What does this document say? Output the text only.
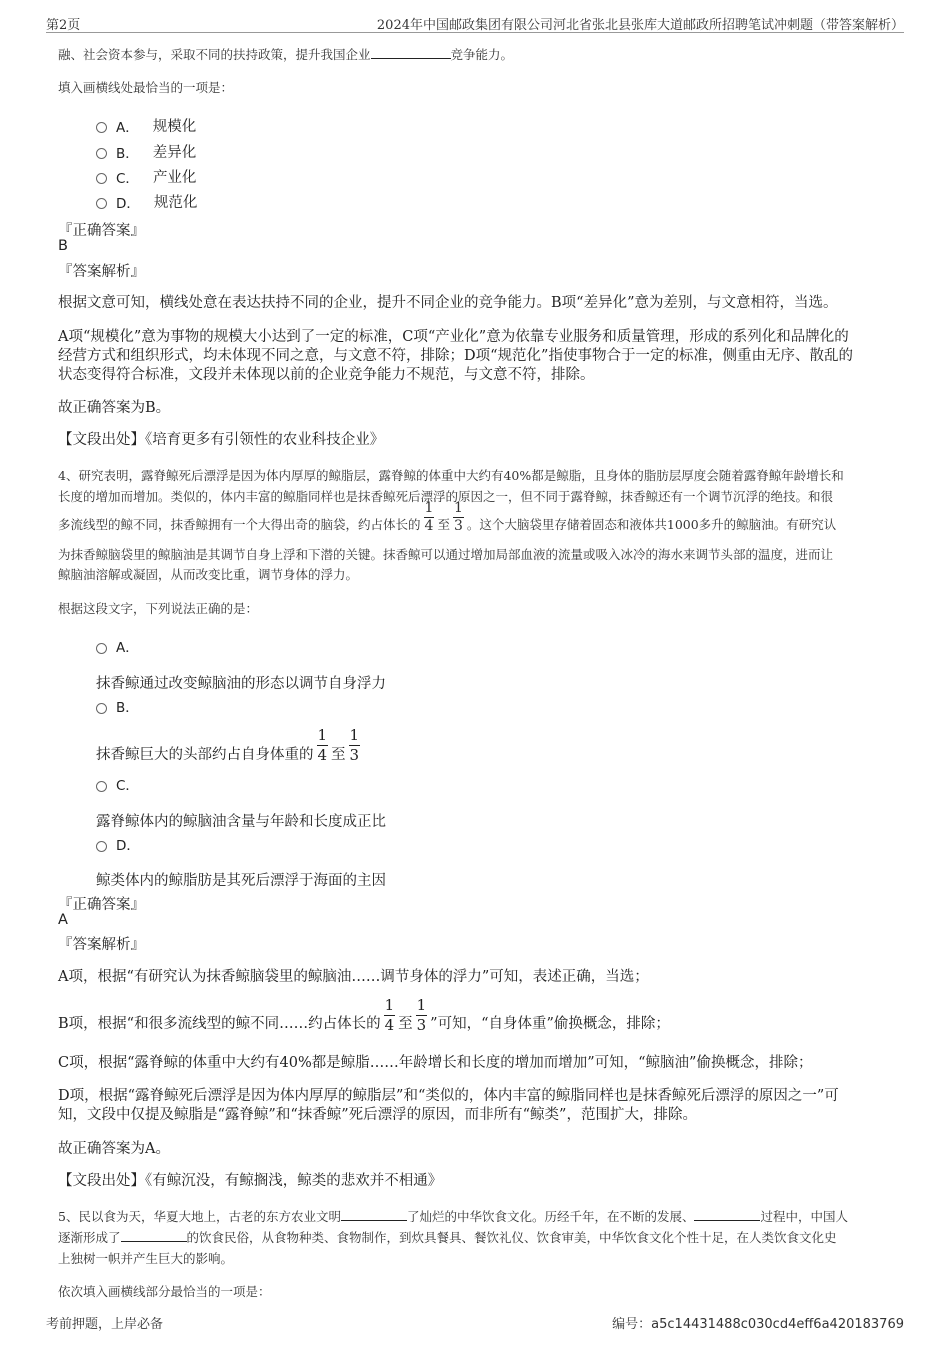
第2页	2024年中国邮政集团有限公司河北省张北县张库大道邮政所招聘笔试冲刺题（带答案解析）
融、社会资本参与，采取不同的扶持政策，提升我国企业	竞争能力。
填入画横线处最恰当的一项是：
A． 规模化
B． 差异化
C． 产业化
D． 规范化
『正确答案』
B
『答案解析』
根据文意可知，横线处意在表达扶持不同的企业，提升不同企业的竞争能力。B项“差异化”意为差别，与文意相符，当选。
A项“规模化”意为事物的规模大小达到了一定的标准，C项“产业化”意为依靠专业服务和质量管理，形成的系列化和品牌化的
经营方式和组织形式，均未体现不同之意，与文意不符，排除；D项“规范化”指使事物合于一定的标准，侧重由无序、散乱的
状态变得符合标准，文段并未体现以前的企业竞争能力不规范，与文意不符，排除。
故正确答案为B。
【文段出处】《培育更多有引领性的农业科技企业》
4、研究表明，露脊鲸死后漂浮是因为体内厚厚的鲸脂层，露脊鲸的体重中大约有40%都是鲸脂，且身体的脂肪层厚度会随着露脊鲸年龄增长和
长度的增加而增加。类似的，体内丰富的鲸脂同样也是抹香鲸死后漂浮的原因之一，但不同于露脊鲸，抹香鲸还有一个调节沉浮的绝技。和很
多流线型的鲸不同，抹香鲸拥有一个大得出奇的脑袋，约占体长的 $\frac{1}{4}$ 至 $\frac{1}{3}$ 。这个大脑袋里存储着固态和液体共1000多升的鲸脑油。有研究认
为抹香鲸脑袋里的鲸脑油是其调节自身上浮和下潜的关键。抹香鲸可以通过增加局部血液的流量或吸入冰冷的海水来调节头部的温度，进而让
鲸脑油溶解或凝固，从而改变比重，调节身体的浮力。
根据这段文字，下列说法正确的是：
A．
抹香鲸通过改变鲸脑油的形态以调节自身浮力
B．
抹香鲸巨大的头部约占自身体重的 $\frac{1}{4}$ 至 $\frac{1}{3}$
C．
露脊鲸体内的鲸脑油含量与年龄和长度成正比
D．
鲸类体内的鲸脂肪是其死后漂浮于海面的主因
『正确答案』
A
『答案解析』
A项，根据“有研究认为抹香鲸脑袋里的鲸脑油……调节身体的浮力”可知，表述正确，当选；
B项，根据“和很多流线型的鲸不同……约占体长的 $\frac{1}{4}$ 至 $\frac{1}{3}$ ”可知，“自身体重”偷换概念，排除；
C项，根据“露脊鲸的体重中大约有40%都是鲸脂……年龄增长和长度的增加而增加”可知，“鲸脑油”偷换概念，排除；
D项，根据“露脊鲸死后漂浮是因为体内厚厚的鲸脂层”和“类似的，体内丰富的鲸脂同样也是抹香鲸死后漂浮的原因之一”可
知，文段中仅提及鲸脂是“露脊鲸”和“抹香鲸”死后漂浮的原因，而非所有“鲸类”，范围扩大，排除。
故正确答案为A。
【文段出处】《有鲸沉没，有鲸搁浅，鲸类的悲欢并不相通》
5、民以食为天，华夏大地上，古老的东方农业文明	了灿烂的中华饮食文化。历经千年，在不断的发展、	过程中，中国人
逐渐形成了	的饮食民俗，从食物种类、食物制作，到炊具餐具、餐饮礼仪、饮食审美，中华饮食文化个性十足，在人类饮食文化史
上独树一帜并产生巨大的影响。
依次填入画横线部分最恰当的一项是：
考前押题，上岸必备	编号：a5c14431488c030cd4eff6a420183769
